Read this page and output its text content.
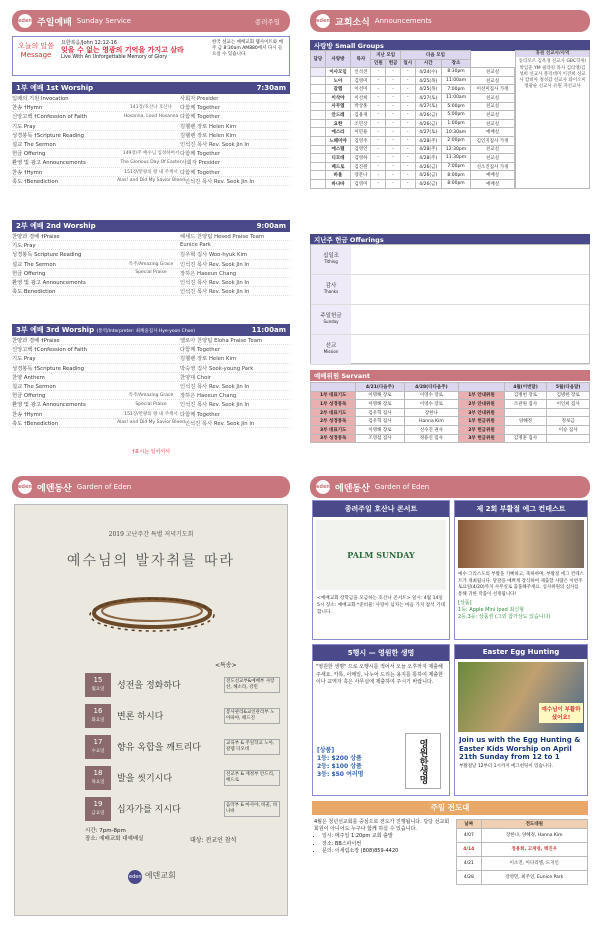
eden 주일예배 Sunday Service	종려주일
오늘의 말씀
Message
요한복음/John 12:12-16
잊을 수 없는 영광의 기억을 가지고 살라
Live With An Unforgettable Memory of Glory
한국 설교는 예배교회 웹사이트와 매주 금 8:30am AM880에서 다시 들으실 수 있습니다.
1부 예배 1st Worship	7:30am
입례의 기원 Invocation	사회자 Presider
찬송 †Hymn	141장/호산나 호산나	다함께 Together
신앙고백 †Confession of Faith	Hosanna, Loud Hosanna 다함께 Together
기도 Pray	김헬렌 장로 Helen Kim
성경봉독 †Scripture Reading	김헬렌 장로 Helen Kim
설교 The Sermon	인석진 목사 Rev. Seok Jin In
헌금 Offering	149장/주 예수님 입성하여서 다함께 Together
환영 및 광고 Announcements	The Glorious Day Of Easter 사회자 Presider
찬송 †Hymn	151장/만왕의 왕 내 주께서 다함께 Together
축도 †Benediction	Alas! and Did My Savior Bleed 인석진 목사 Rev. Seok Jin In
2부 예배 2nd Worship	9:00am
찬양과 경배 †Praise	헤세드 찬양팀 Hesed Praise Team
기도 Pray	Eunice Park
성경봉독 Scripture Reading	김우혁 집사 Woo-hyuk Kim
설교 The Sermon	특주/Amazing Grace	인석진 목사 Rev. Seok Jin In
헌금 Offering	Special Praise	장하은 Haeeun Chang
환영 및 광고 Announcements	인석진 목사 Rev. Seok Jin In
축도 Benediction	인석진 목사 Rev. Seok Jin In
3부 예배 3rd Worship (통역/Interpreter: 최해윤집사 Hye-yoon Choe)	11:00am
찬양과 경배 †Praise	엘로아 찬양팀 Eloha Praise Team
신앙고백 †Confession of Faith	다함께 Together
기도 Pray	김헬렌 장로 Helen Kim
성경봉독 †Scripture Reading	박숙영 집사 Sook-young Park
찬양 Anthem	찬양대 Choir
설교 The Sermon	인석진 목사 Rev. Seok Jin In
헌금 Offering	특주/Amazing Grace	장하은 Haeeun Chang
환영 및 광고 Announcements	Special Praise	인석진 목사 Rev. Seok Jin In
찬송 †Hymn	151장/만왕의 왕 내 주께서 다함께 Together
축도 †Benediction	Alas! and Did My Savior Bleed 인석진 목사 Rev. Seok Jin In
†표시는 일어서서
eden 교회소식 Announcements
사랑방 Small Groups
담당	사랑방	목자	지난 모임		다음 모임			
			인원	헌금	일시	시간	장소	
	이사모임	인석진	-	-	-	4/24(수)	8:30pm	친교실
	노아	김영미	-	-	-	4/25(목)	11:00am	친교실
	갈렙	이선미	-	-	-	4/25(목)	7:00pm	이선미집사 가정
	이삭야	이선희	-	-	-	4/27(토)	11:00am	친교실
	사무엘	박상홍	-	-	-	4/27(토)	5:00pm	친교실
	안드레	김용재	-	-	-	4/26(금)	5:00pm	친교실
	요한	조민상	-	-	-	4/26(금)	1:00pm	친교실
	에스라	이민용	-	-	-	4/27(토)	10:30am	예배실
	느헤미야	김영주	-	-	-	4/28(주)	2:00pm	김인지집사 가정
	에스텔	김영언	-	-	-	4/28(주)	12:30pm	친교실
	디모데	김영하	-	-	-	4/28(주)	11:30pm	친교실
	베드로	김진원	-	-	-	4/26(금)	7:00pm	신소진집사 가정
	바울	장문나	-	-	-	4/26(금)	8:00pm	예배실
	바나바	김영미	-	-	-	4/26(금)	8:00pm	예배실
휴원 선교사/사역
동티모르 김옥경 선교사 GBC학위/박임준 YM 필라킹 목사 김티엥/김성희 선교사 폴리데미 이견희 선교사 캄비아 정성갑 선교사 와이오미 정광순 선교사 유원 자선교사
지난주 헌금 Offerings
십일조
Tithing
감사
Thanks
주일헌금
Sunday
선교
Mission
예배위원 Servant
	4/21(다음주)	4/28(다다음주)		4월(이번달)	5월(다음달)
1부 대표기도	이명해 장로	이영수 장로	1부 안내위원	김병헌 장로	김병헌 장로
1부 성경봉독	이명해 장로	이영수 장로	2부 안내위원	조관원 집사	이인희 집사
2부 대표기도	김우혁 집사	장한나	3부 안내위원		
2부 성경봉독	김우혁 집사	Hanna Kim	1부 헌금위원	양혜정	정보금
3부 대표기도	이명해 장로	신수진 권사	2부 헌금위원		이승 집사
3부 성경봉독	조영섭 집사	정용신 집사	3부 헌금위원	김명훈 집사	
eden 에덴동산 Garden of Eden
2019 고난주간 특별 저녁기도회
예수님의 발자취를 따라
<특송>
15
월요일	성전을 정화하다	전도선교부&예배부 사랑찬, 해소라, 강민
16
화요일	변론 하시다	봉사관리&교인관리부 노아따야, 해드진
17
수요일	향유 옥합을 깨트리다	교육부 & 주일학교 노아, 갈렙 디모데
18
목요일	발을 씻기시다	선교부 & 재정부 안드리, 베드로
19
금요일	십자가를 지시다	음악부 & 마사야, 바울, 바나바
시간: 7pm-8pm
장소: 예배교회 대예배실	대상: 전교인 참석
eden 에덴교회
eden 에덴동산 Garden of Eden
종려주일 호산나 콘서트
PALM SUNDAY
<예배교회 장학금을 모금하는 호산나 콘서트> 일시: 4월 14일 5시 장소: 예배교회 *준비물: 사랑이 넘치는 마음 가지 참석 기대합니다.
제 2회 부활절 에그 컨테스트
예수 그리스도의 부활을 기뻐하고, 축하하며, 부활절 에그 컨테스트가 개최됩니다. 달걀을 예쁘게 장식하여 제출할 사람은 이번주 토요일(4/20)까지 사무실로 출품해주세요. 심사위원의 심사를 통해 귀한 작품이 선정됩니다!
[상품]
1등: Apple Mini Ipad 최신형
2등,3등: 상품권 (그외 참가상도 있습니다)
5행시 — 영원한 생명
"영원한 생명" 으로 오행시를 적어서 오늘 오후까지 제출해주세요. 카톡, 이메일, 나누어 드리는 용지를 통하여 제출한 이나 교역자 혹은 사무실에 제출하여 주시기 바랍니다.
[상품]
1등: $200 상품
2등: $100 상품
3등: $50 여러명	영원한생명
Easter Egg Hunting
예수님이 부활하셨어요!
Join us with the Egg Hunting & Easter Kids Worship on April 21th Sunday from 12 to 1
부활절날 12부터 1시까지 에그헌팅이 있습니다.
주일 전도대
4월은 청년선교회를 중심으로 전도가 진행됩니다. 당당 선교회 회원이 아니어도 누구나 함께 하실 수 있습니다.
• 일시: 매주일 1:20pm 교회 출발
• 장소: BB스파이썬
• 문의: 이세림소장 (808)859-4420
날짜	전도대원
4/07	장한나, 양혜정, Hanna Kim
4/14	정용희, 고재영, 백진우
4/21	이소진, 이다리엘, 도지인
4/28	강영민, 최주연, Eunice Park
